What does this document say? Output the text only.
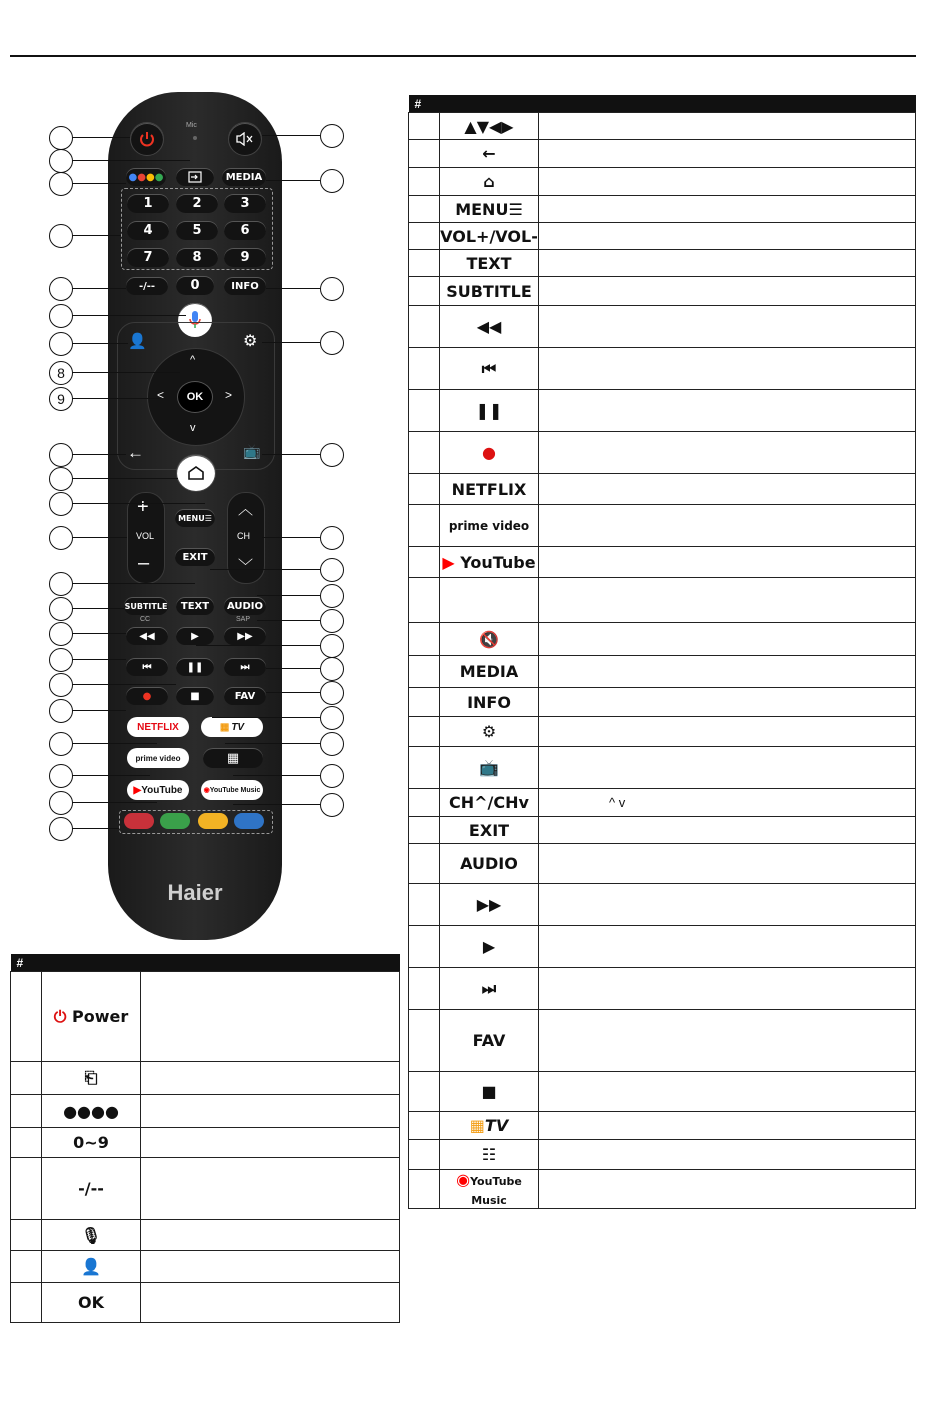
Mic
● ● ● ●	MEDIA
1	2	3
4	5	6
7	8	9
-/--	0	INFO
👤	⚙
^
v
<	>
OK
←	📺
+
VOL
–
︿
CH
﹀
MENU☰
EXIT
SUBTITLE	TEXT	AUDIO
CC	SAP
◀◀	▶	▶▶
⏮	❚❚	⏭
●	■	FAV
NETFLIX	▦ TV
prime video	▦
▶ YouTube	◉ YouTube Music
Haier
8
9
#		
	⏻ Power	
	⎗	
	●●●●	
	0~9	
	-/--	
	🎙	
	👤	
	OK	
#		
	▲▼◀▶	
	←	
	⌂	
	MENU☰	
	VOL+/VOL-	
	TEXT	
	SUBTITLE	
	◀◀	
	⏮	
	❚❚	
	●	
	NETFLIX	
	prime video	
	▶ YouTube	

	🔇	
	MEDIA	
	INFO	
	⚙	
	📺	
	CH^/CHv	^ v
	EXIT	
	AUDIO	
	▶▶	
	▶	
	⏭	
	FAV	
	■	
	▦TV	
	☷	
	◉YouTube Music	
